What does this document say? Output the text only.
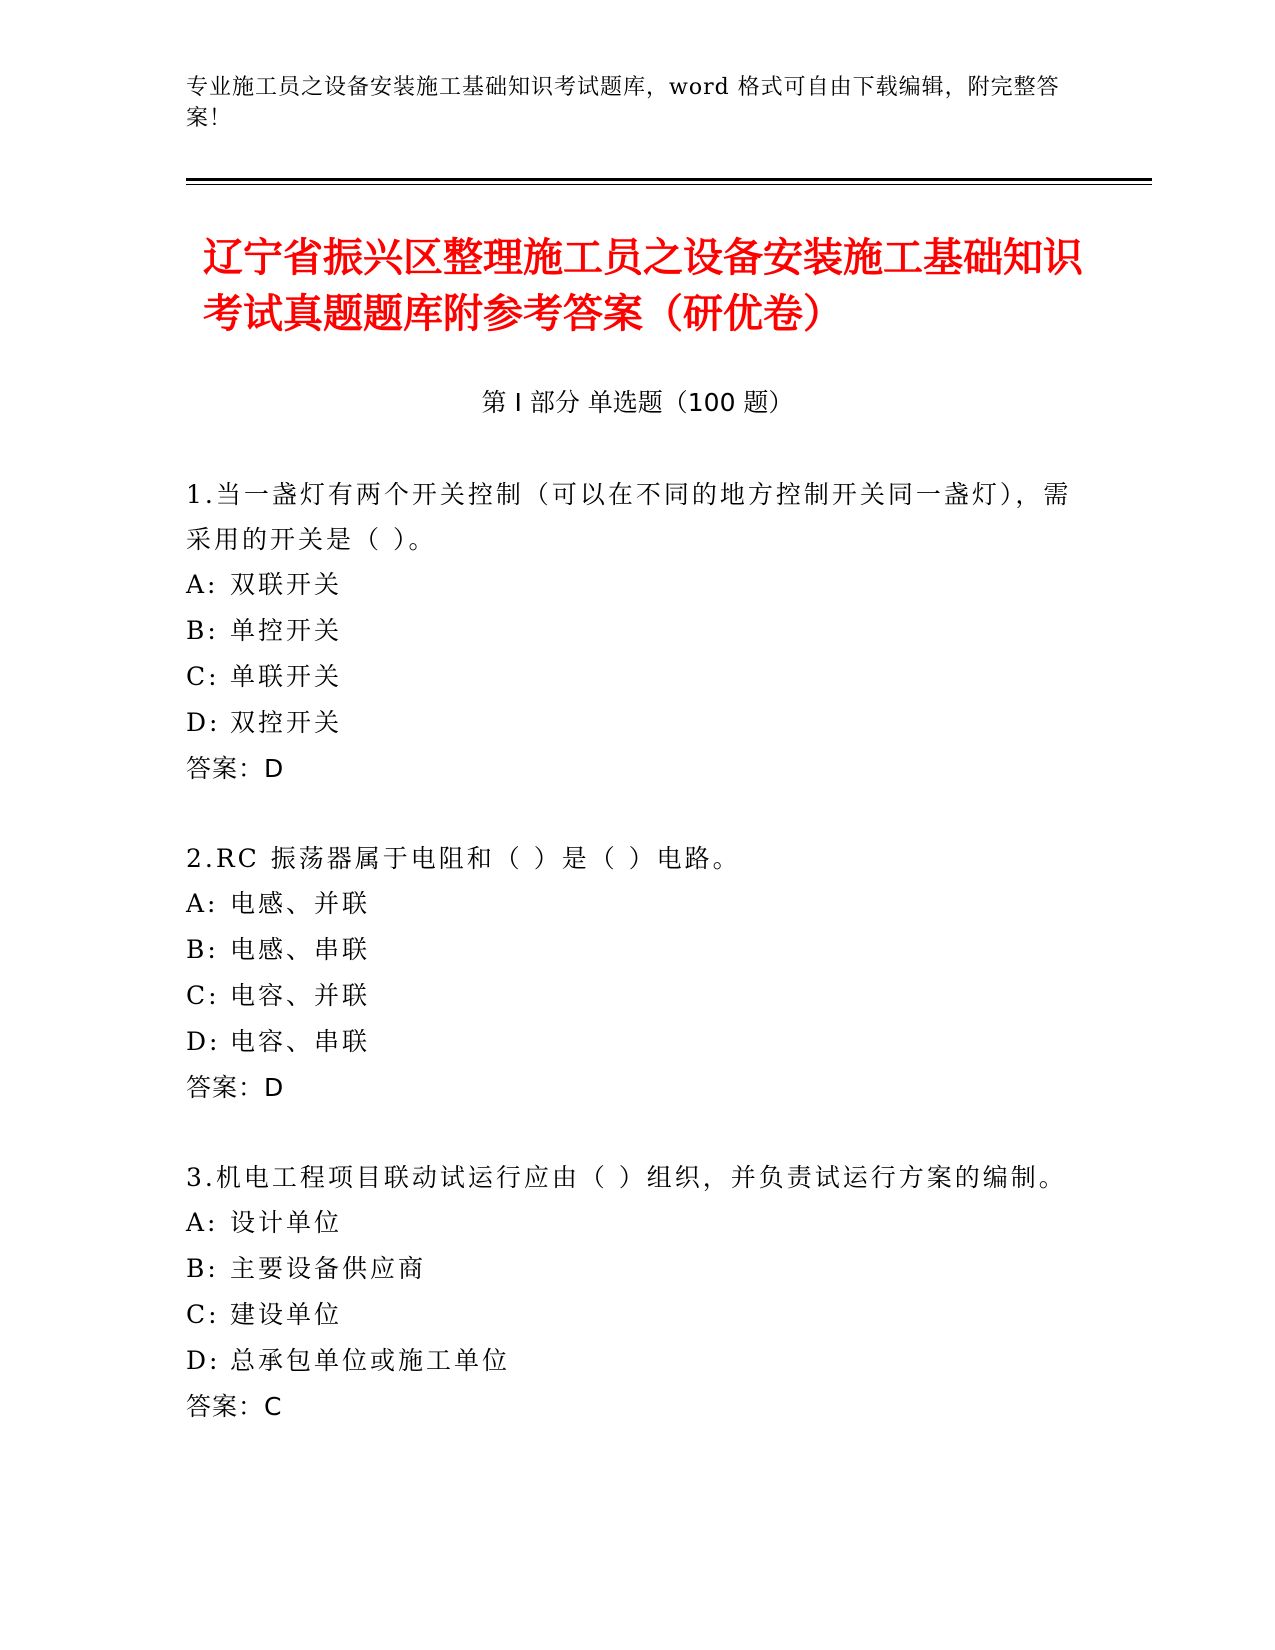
专业施工员之设备安装施工基础知识考试题库，word 格式可自由下载编辑，附完整答案！
辽宁省振兴区整理施工员之设备安装施工基础知识考试真题题库附参考答案（研优卷）
第 I 部分 单选题（100 题）
1.当一盏灯有两个开关控制（可以在不同的地方控制开关同一盏灯），需采用的开关是（ ）。
A: 双联开关
B: 单控开关
C: 单联开关
D: 双控开关
答案：D
2.RC 振荡器属于电阻和（ ）是（ ）电路。
A: 电感、并联
B: 电感、串联
C: 电容、并联
D: 电容、串联
答案：D
3.机电工程项目联动试运行应由（ ）组织，并负责试运行方案的编制。
A: 设计单位
B: 主要设备供应商
C: 建设单位
D: 总承包单位或施工单位
答案：C
